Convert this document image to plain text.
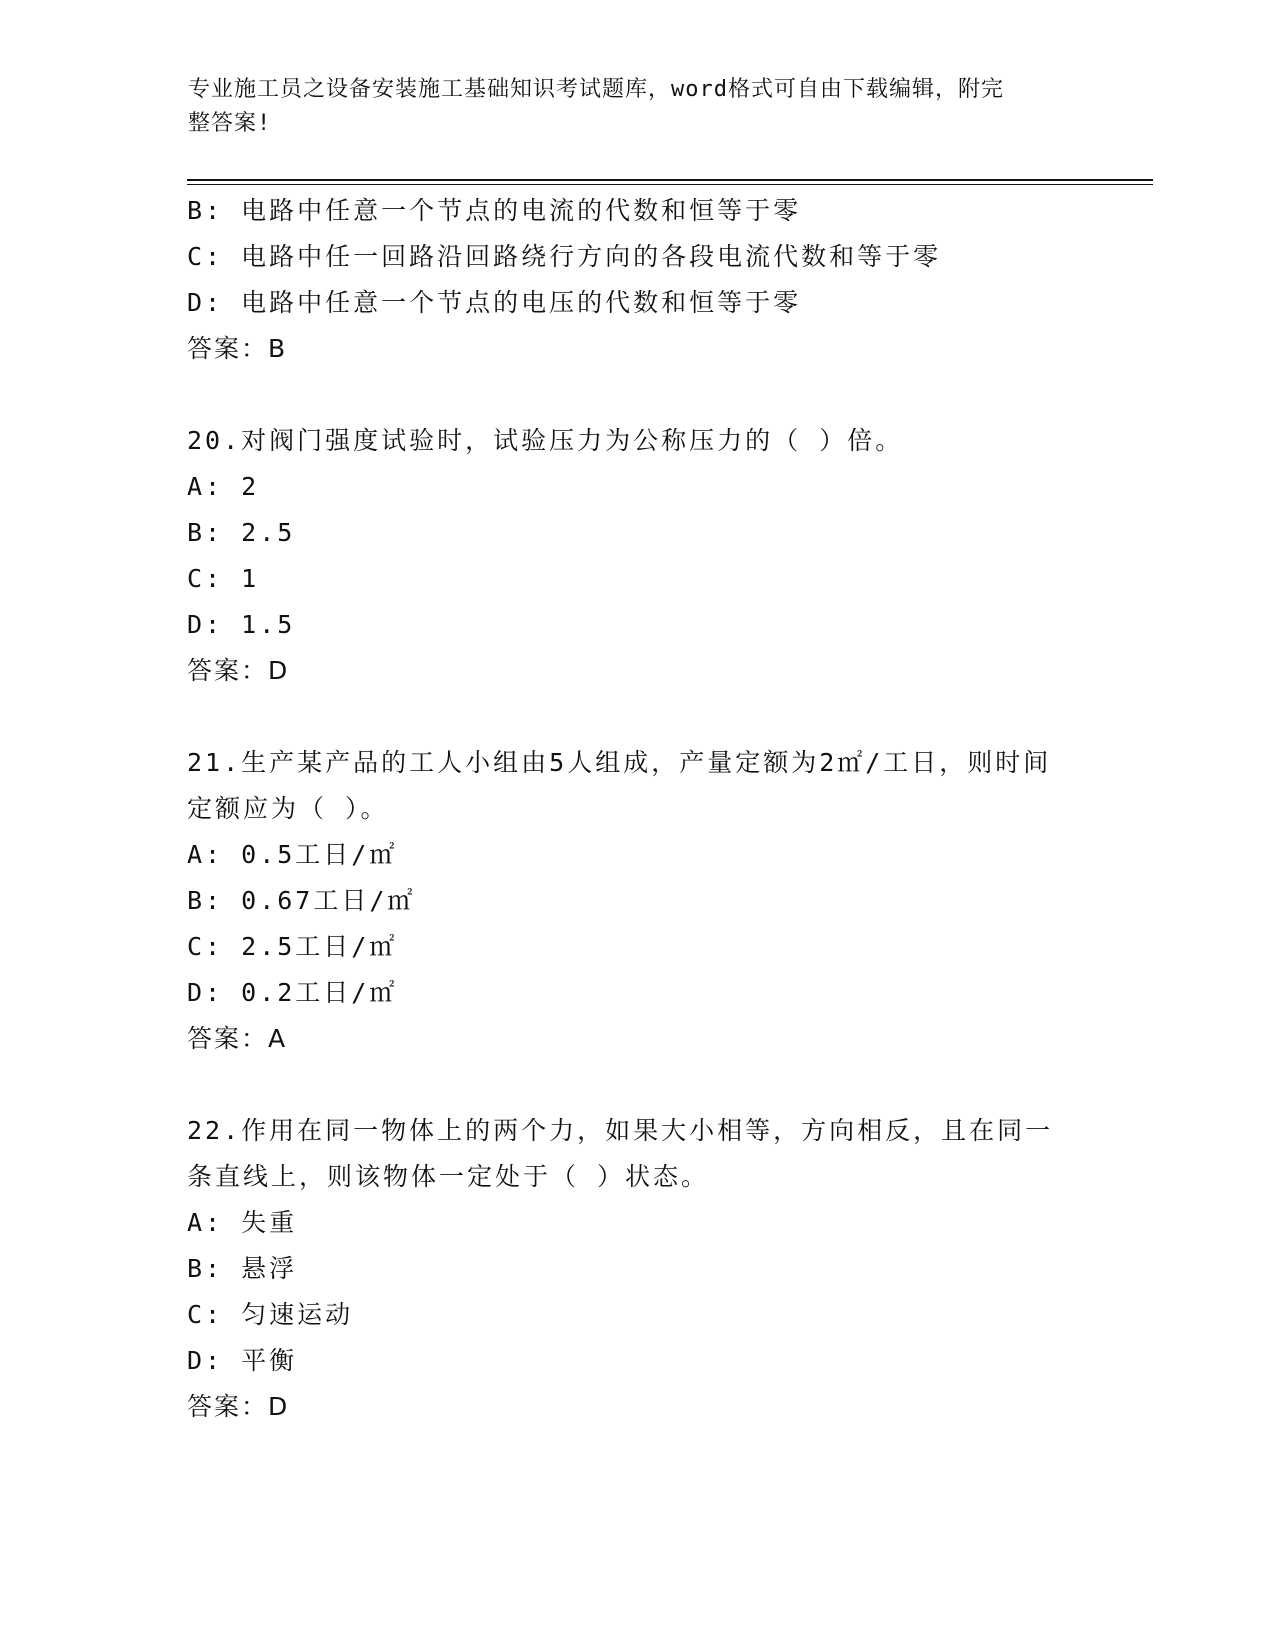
专业施工员之设备安装施工基础知识考试题库，word格式可自由下载编辑，附完
整答案!
B: 电路中任意一个节点的电流的代数和恒等于零
C: 电路中任一回路沿回路绕行方向的各段电流代数和等于零
D: 电路中任意一个节点的电压的代数和恒等于零
答案：B
20.对阀门强度试验时，试验压力为公称压力的（ ）倍。
A: 2
B: 2.5
C: 1
D: 1.5
答案：D
21.生产某产品的工人小组由5人组成，产量定额为2㎡/工日，则时间
定额应为（ ）。
A: 0.5工日/㎡
B: 0.67工日/㎡
C: 2.5工日/㎡
D: 0.2工日/㎡
答案：A
22.作用在同一物体上的两个力，如果大小相等，方向相反，且在同一
条直线上，则该物体一定处于（ ）状态。
A: 失重
B: 悬浮
C: 匀速运动
D: 平衡
答案：D
